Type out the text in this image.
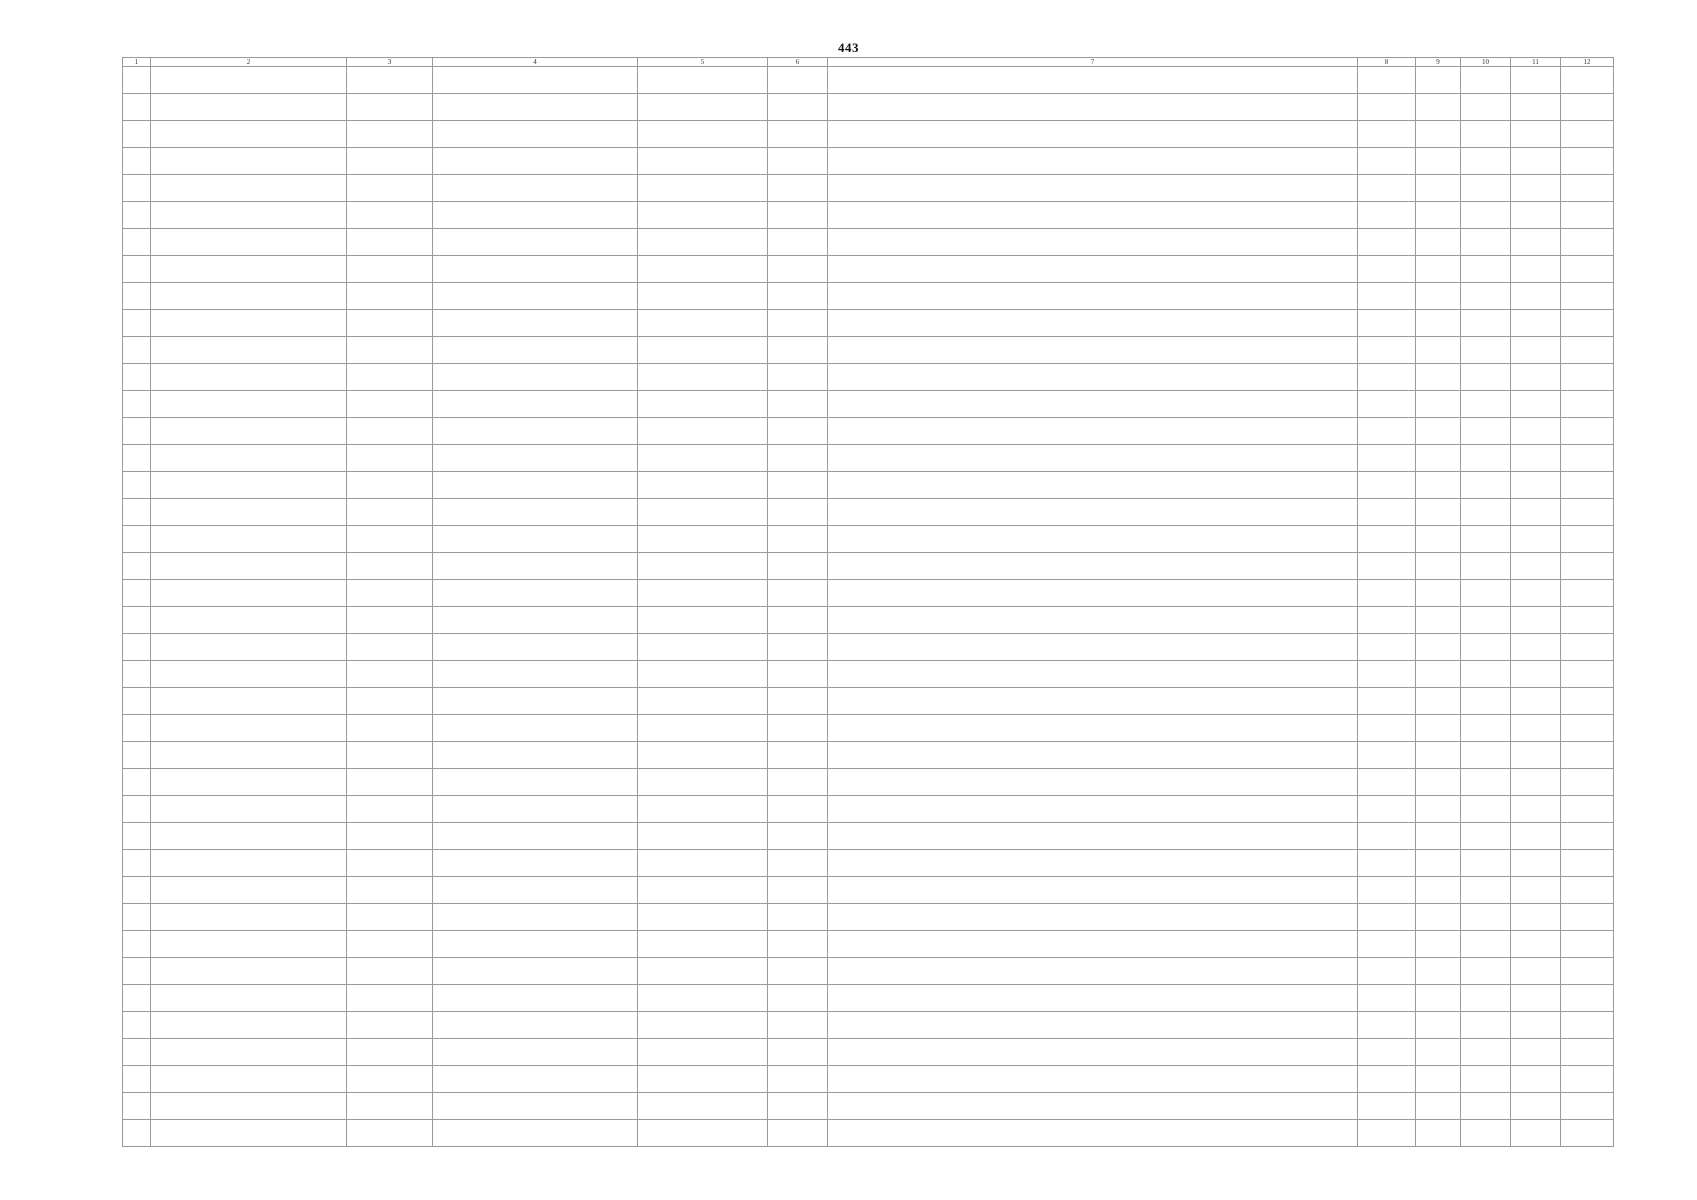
443
1	2	3	4	5	6	7	8	9	10	11	12
